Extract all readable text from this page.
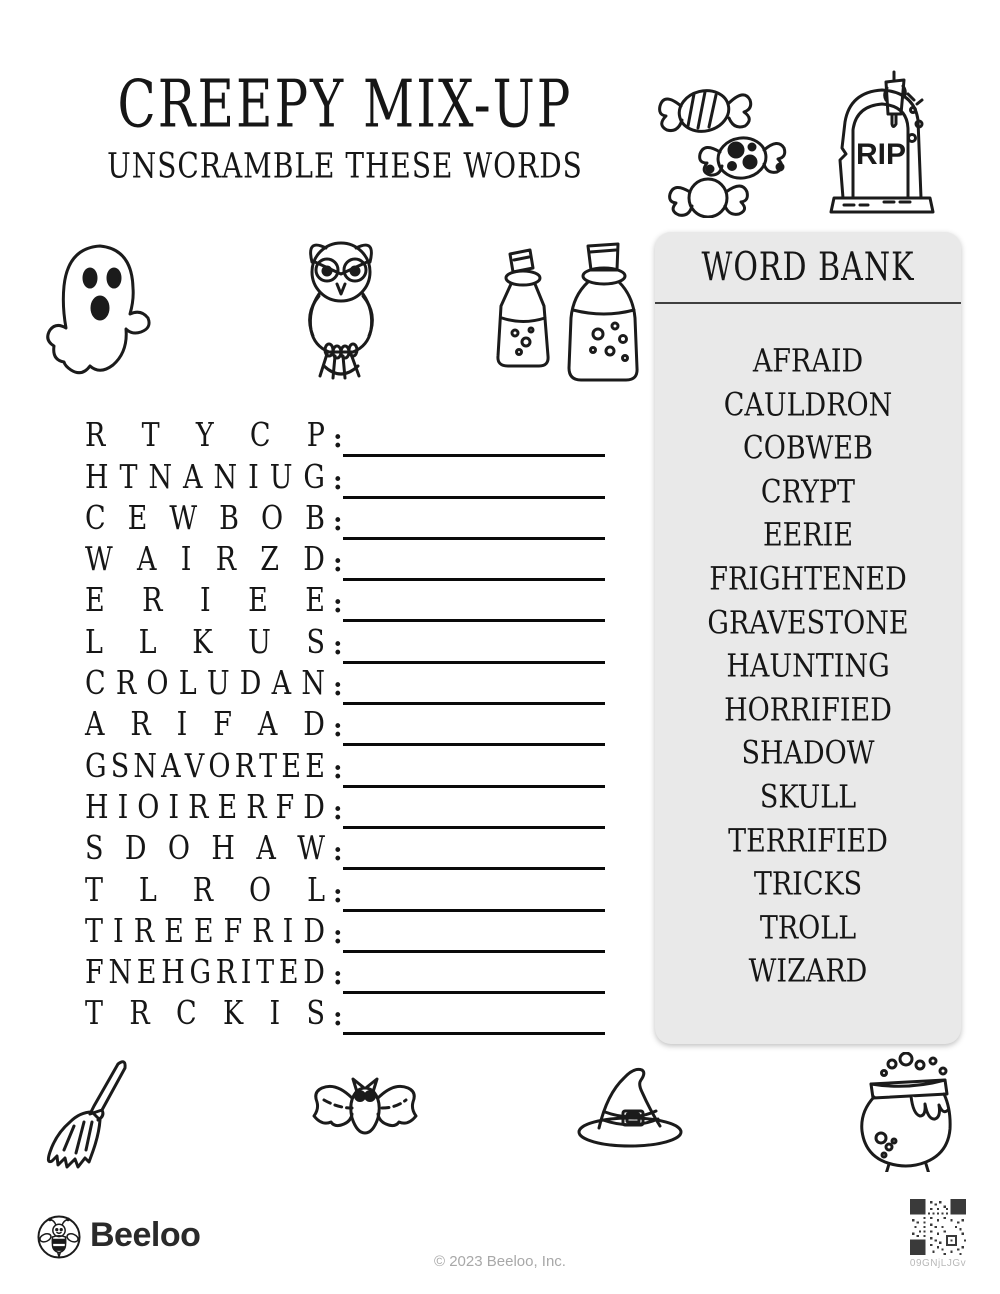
CREEPY MIX-UP
UNSCRAMBLE THESE WORDS	RIP
R T Y C P :
H T N A N I U G :
C E W B O B :
W A I R Z D :
E R I E E :
L L K U S :
C R O L U D A N :
A R I F A D :
G S N A V O R T E E :
H I O I R E R F D :
S D O H A W :
T L R O L :
T I R E E F R I D :
F N E H G R I T E D :
T R C K I S :
WORD BANK
AFRAID
CAULDRON
COBWEB
CRYPT
EERIE
FRIGHTENED
GRAVESTONE
HAUNTING
HORRIFIED
SHADOW
SKULL
TERRIFIED
TRICKS
TROLL
WIZARD
Beeloo
© 2023 Beeloo, Inc.	09GNjLJGv
